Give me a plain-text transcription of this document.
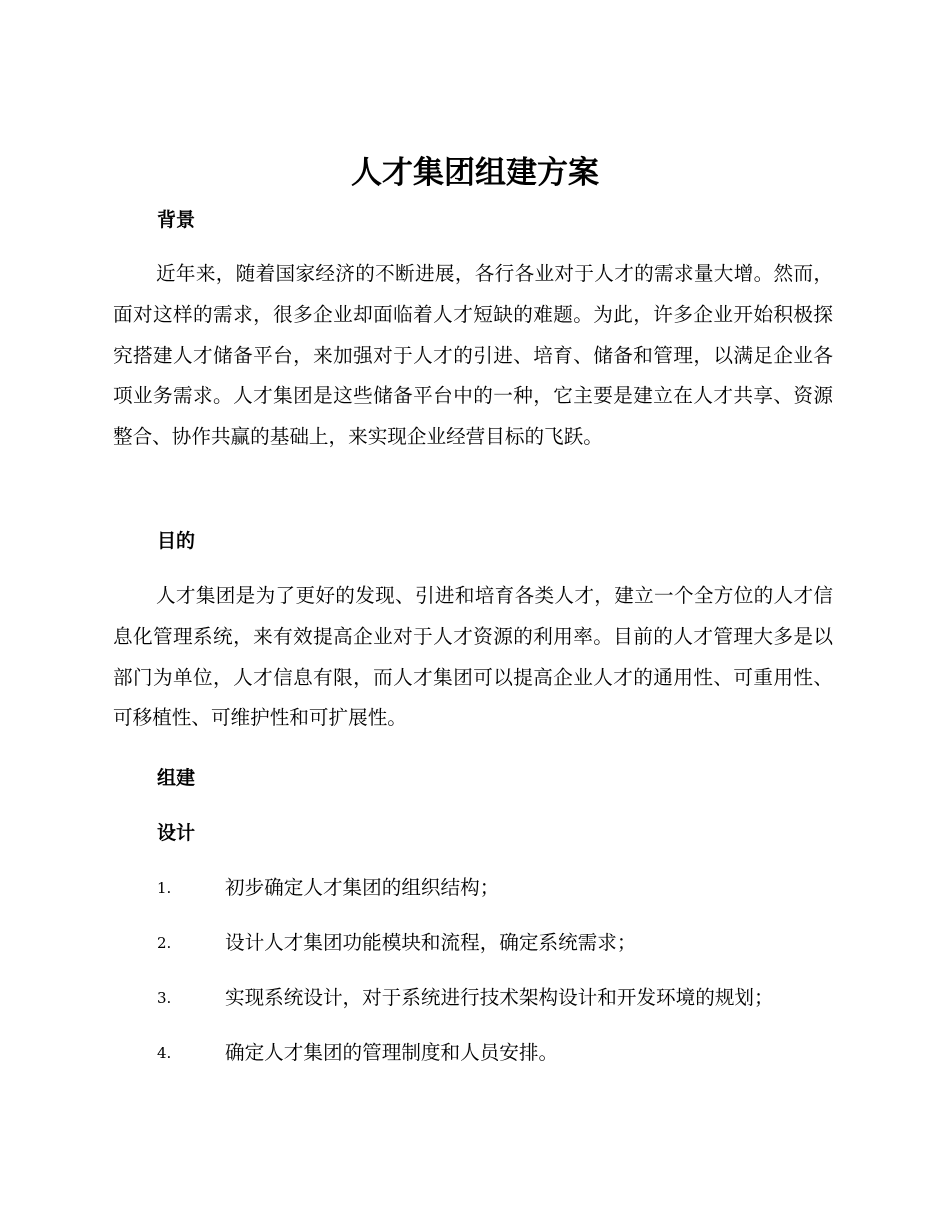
人才集团组建方案
背景

近年来，随着国家经济的不断进展，各行各业对于人才的需求量大增。然而，面对这样的需求，很多企业却面临着人才短缺的难题。为此，许多企业开始积极探究搭建人才储备平台，来加强对于人才的引进、培育、储备和管理，以满足企业各项业务需求。人才集团是这些储备平台中的一种，它主要是建立在人才共享、资源整合、协作共赢的基础上，来实现企业经营目标的飞跃。

目的

人才集团是为了更好的发现、引进和培育各类人才，建立一个全方位的人才信息化管理系统，来有效提高企业对于人才资源的利用率。目前的人才管理大多是以部门为单位，人才信息有限，而人才集团可以提高企业人才的通用性、可重用性、可移植性、可维护性和可扩展性。

组建
设计
1.	初步确定人才集团的组织结构；
2.	设计人才集团功能模块和流程，确定系统需求；
3.	实现系统设计，对于系统进行技术架构设计和开发环境的规划；
4.	确定人才集团的管理制度和人员安排。
